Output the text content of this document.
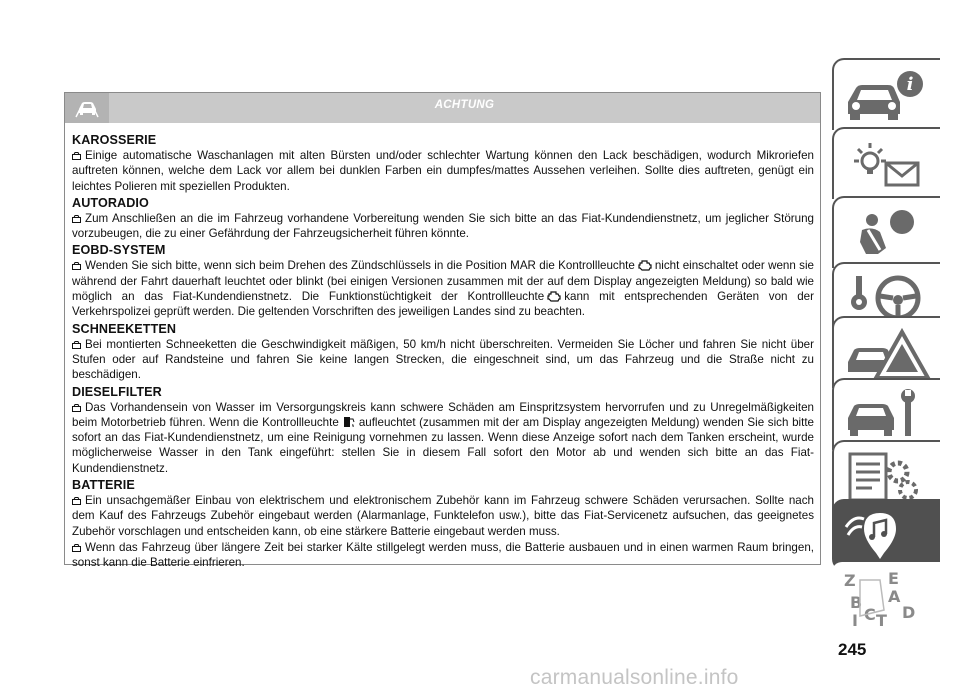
ACHTUNG
KAROSSERIE

Einige automatische Waschanlagen mit alten Bürsten und/oder schlechter Wartung können den Lack beschädigen, wodurch Mikroriefen auftreten können, welche dem Lack vor allem bei dunklen Farben ein dumpfes/mattes Aussehen verleihen. Sollte dies auftreten, genügt ein leichtes Polieren mit speziellen Produkten.

AUTORADIO

Zum Anschließen an die im Fahrzeug vorhandene Vorbereitung wenden Sie sich bitte an das Fiat-Kundendienstnetz, um jeglicher Störung vorzubeugen, die zu einer Gefährdung der Fahrzeugsicherheit führen könnte.

EOBD-SYSTEM

Wenden Sie sich bitte, wenn sich beim Drehen des Zündschlüssels in die Position MAR die Kontrollleuchte nicht einschaltet oder wenn sie während der Fahrt dauerhaft leuchtet oder blinkt (bei einigen Versionen zusammen mit der auf dem Display angezeigten Meldung) so bald wie möglich an das Fiat-Kundendienstnetz. Die Funktionstüchtigkeit der Kontrollleuchte kann mit entsprechenden Geräten von der Verkehrspolizei geprüft werden. Die geltenden Vorschriften des jeweiligen Landes sind zu beachten.

SCHNEEKETTEN

Bei montierten Schneeketten die Geschwindigkeit mäßigen, 50 km/h nicht überschreiten. Vermeiden Sie Löcher und fahren Sie nicht über Stufen oder auf Randsteine und fahren Sie keine langen Strecken, die eingeschneit sind, um das Fahrzeug und die Straße nicht zu beschädigen.

DIESELFILTER

Das Vorhandensein von Wasser im Versorgungskreis kann schwere Schäden am Einspritzsystem hervorrufen und zu Unregelmäßigkeiten beim Motorbetrieb führen. Wenn die Kontrollleuchte aufleuchtet (zusammen mit der am Display angezeigten Meldung) wenden Sie sich bitte sofort an das Fiat-Kundendienstnetz, um eine Reinigung vornehmen zu lassen. Wenn diese Anzeige sofort nach dem Tanken erscheint, wurde möglicherweise Wasser in den Tank eingeführt: stellen Sie in diesem Fall sofort den Motor ab und wenden sich bitte an das Fiat-Kundendienstnetz.

BATTERIE

Ein unsachgemäßer Einbau von elektrischem und elektronischem Zubehör kann im Fahrzeug schwere Schäden verursachen. Sollte nach dem Kauf des Fahrzeugs Zubehör eingebaut werden (Alarmanlage, Funktelefon usw.), bitte das Fiat-Servicenetz aufsuchen, das geeignetes Zubehör vorschlagen und entscheiden kann, ob eine stärkere Batterie eingebaut werden muss.

Wenn das Fahrzeug über längere Zeit bei starker Kälte stillgelegt werden muss, die Batterie ausbauen und in einen warmen Raum bringen, sonst kann die Batterie einfrieren.

i
Z E
B A
I C T D
245
carmanualsonline.info
